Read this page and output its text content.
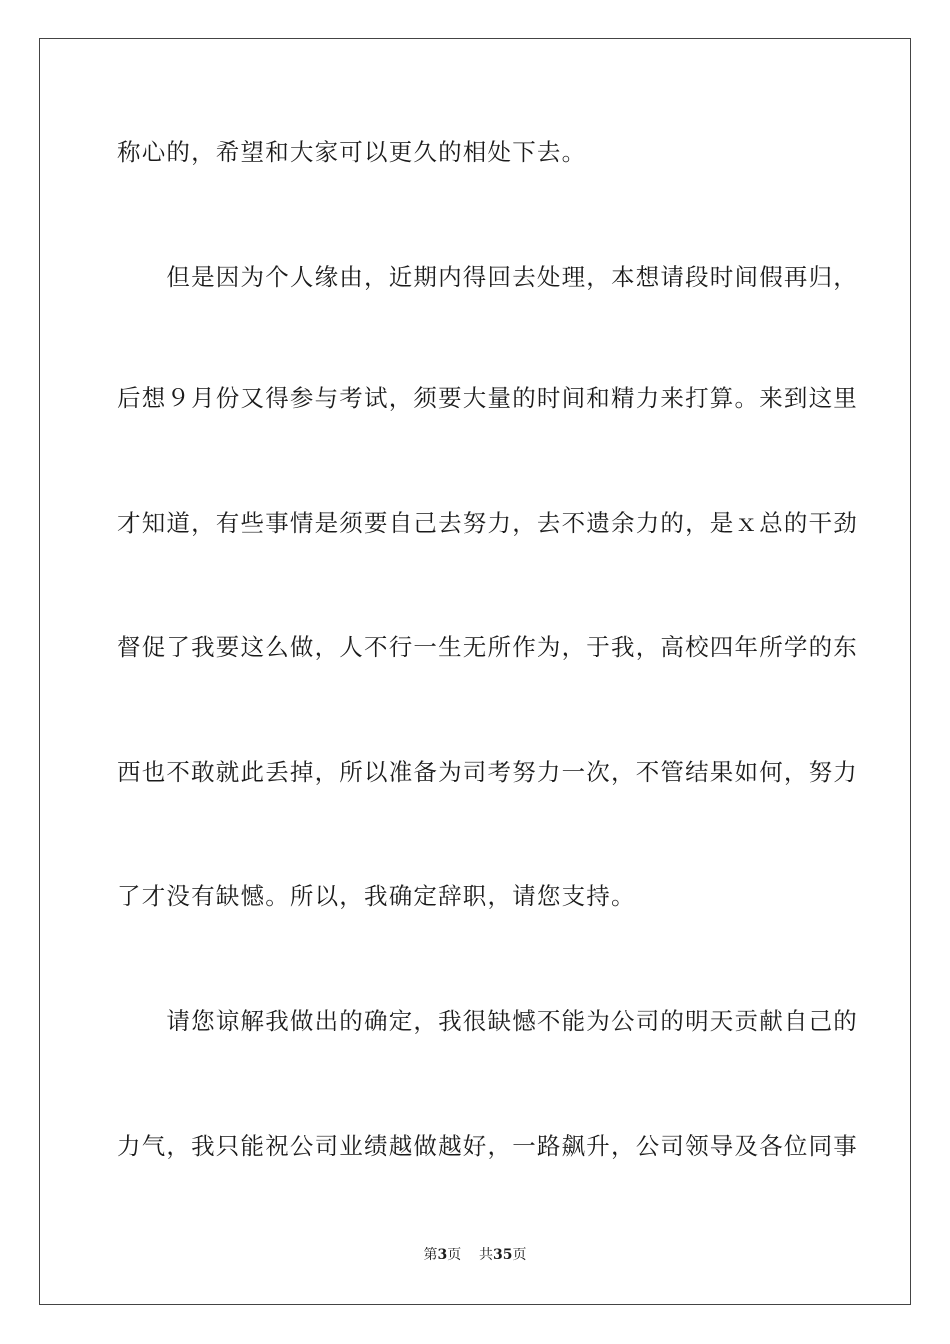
称心的，希望和大家可以更久的相处下去。
　　但是因为个人缘由，近期内得回去处理，本想请段时间假再归，
后想９月份又得参与考试，须要大量的时间和精力来打算。来到这里
才知道，有些事情是须要自己去努力，去不遗余力的，是ｘ总的干劲
督促了我要这么做，人不行一生无所作为，于我，高校四年所学的东
西也不敢就此丢掉，所以准备为司考努力一次，不管结果如何，努力
了才没有缺憾。所以，我确定辞职，请您支持。
　　请您谅解我做出的确定，我很缺憾不能为公司的明天贡献自己的
力气，我只能祝公司业绩越做越好，一路飙升，公司领导及各位同事
第3页 共35页
